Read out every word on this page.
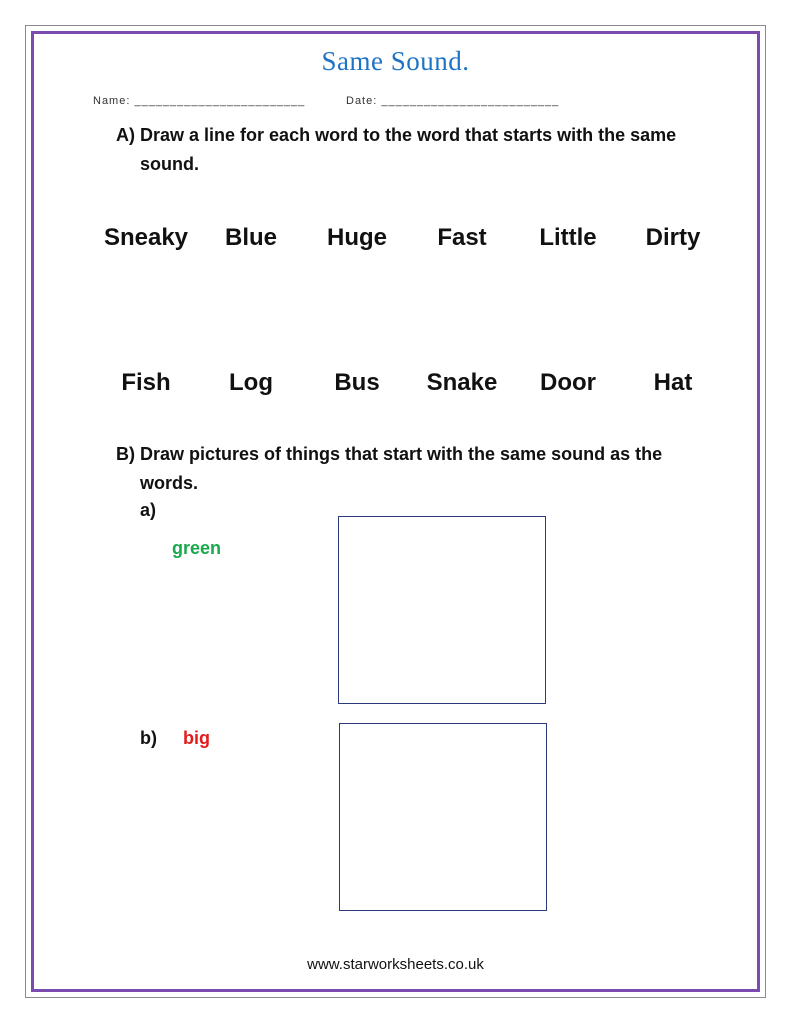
Same Sound.
Name: ________________________	Date: _________________________
A) Draw a line for each word to the word that starts with the same
sound.
Sneaky	Blue	Huge	Fast	Little	Dirty
Fish	Log	Bus	Snake	Door	Hat
B) Draw pictures of things that start with the same sound as the
words.
a)
green
b) big
www.starworksheets.co.uk
